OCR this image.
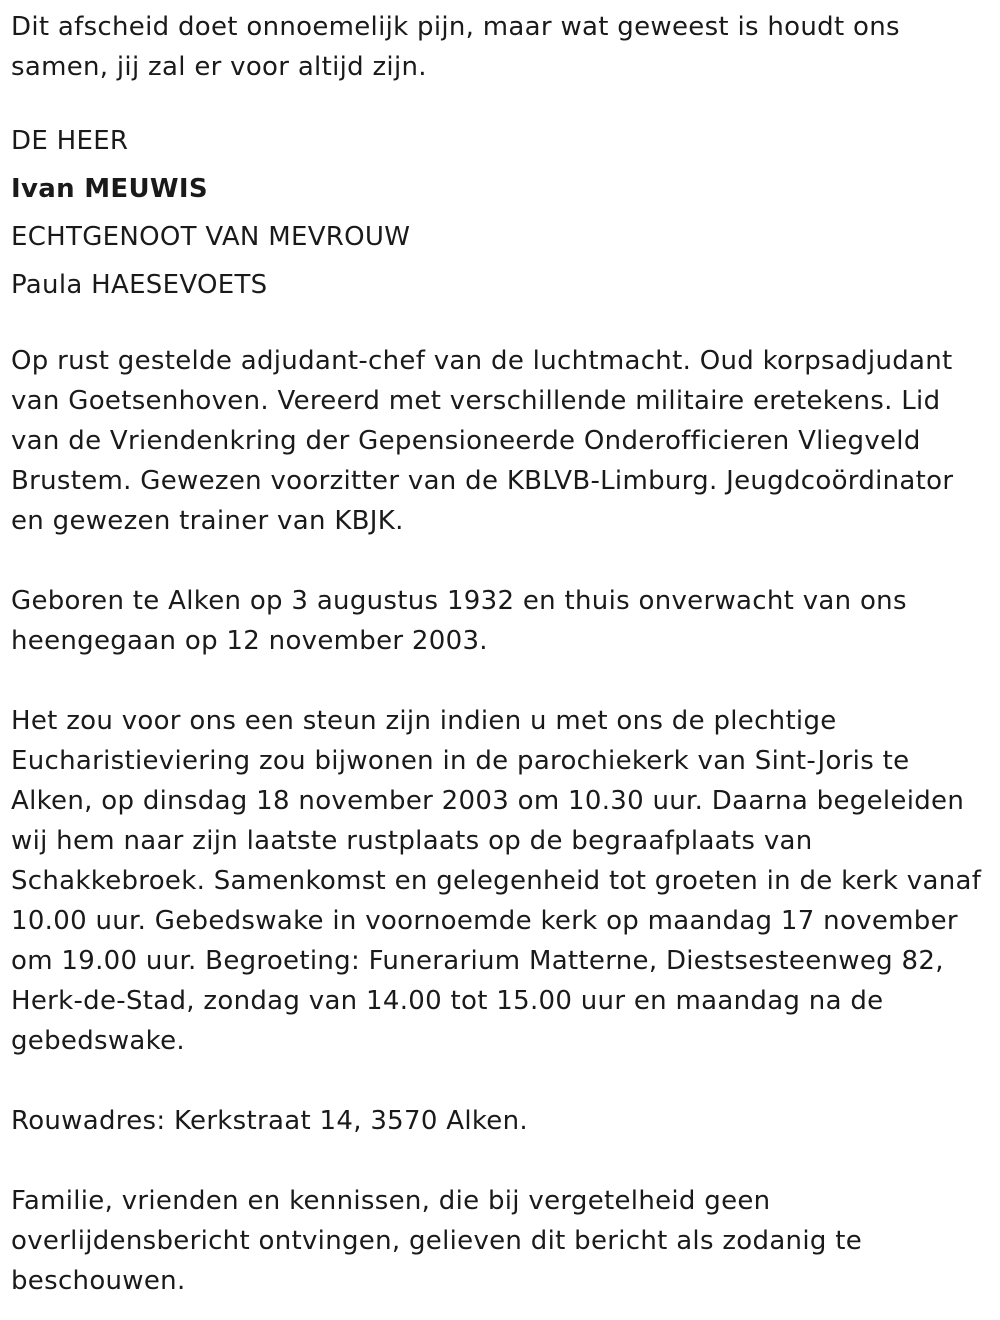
Dit afscheid doet onnoemelijk pijn, maar wat geweest is houdt ons samen, jij zal er voor altijd zijn.

DE HEER

Ivan MEUWIS

ECHTGENOOT VAN MEVROUW

Paula HAESEVOETS

Op rust gestelde adjudant-chef van de luchtmacht. Oud korpsadjudant van Goetsenhoven. Vereerd met verschillende militaire eretekens. Lid van de Vriendenkring der Gepensioneerde Onderofficieren Vliegveld Brustem. Gewezen voorzitter van de KBLVB-Limburg. Jeugdcoördinator en gewezen trainer van KBJK.

Geboren te Alken op 3 augustus 1932 en thuis onverwacht van ons heengegaan op 12 november 2003.

Het zou voor ons een steun zijn indien u met ons de plechtige Eucharistieviering zou bijwonen in de parochiekerk van Sint-Joris te Alken, op dinsdag 18 november 2003 om 10.30 uur. Daarna begeleiden wij hem naar zijn laatste rustplaats op de begraafplaats van Schakkebroek. Samenkomst en gelegenheid tot groeten in de kerk vanaf 10.00 uur. Gebedswake in voornoemde kerk op maandag 17 november om 19.00 uur. Begroeting: Funerarium Matterne, Diestsesteenweg 82, Herk-de-Stad, zondag van 14.00 tot 15.00 uur en maandag na de gebedswake.

Rouwadres: Kerkstraat 14, 3570 Alken.

Familie, vrienden en kennissen, die bij vergetelheid geen overlijdensbericht ontvingen, gelieven dit bericht als zodanig te beschouwen.
